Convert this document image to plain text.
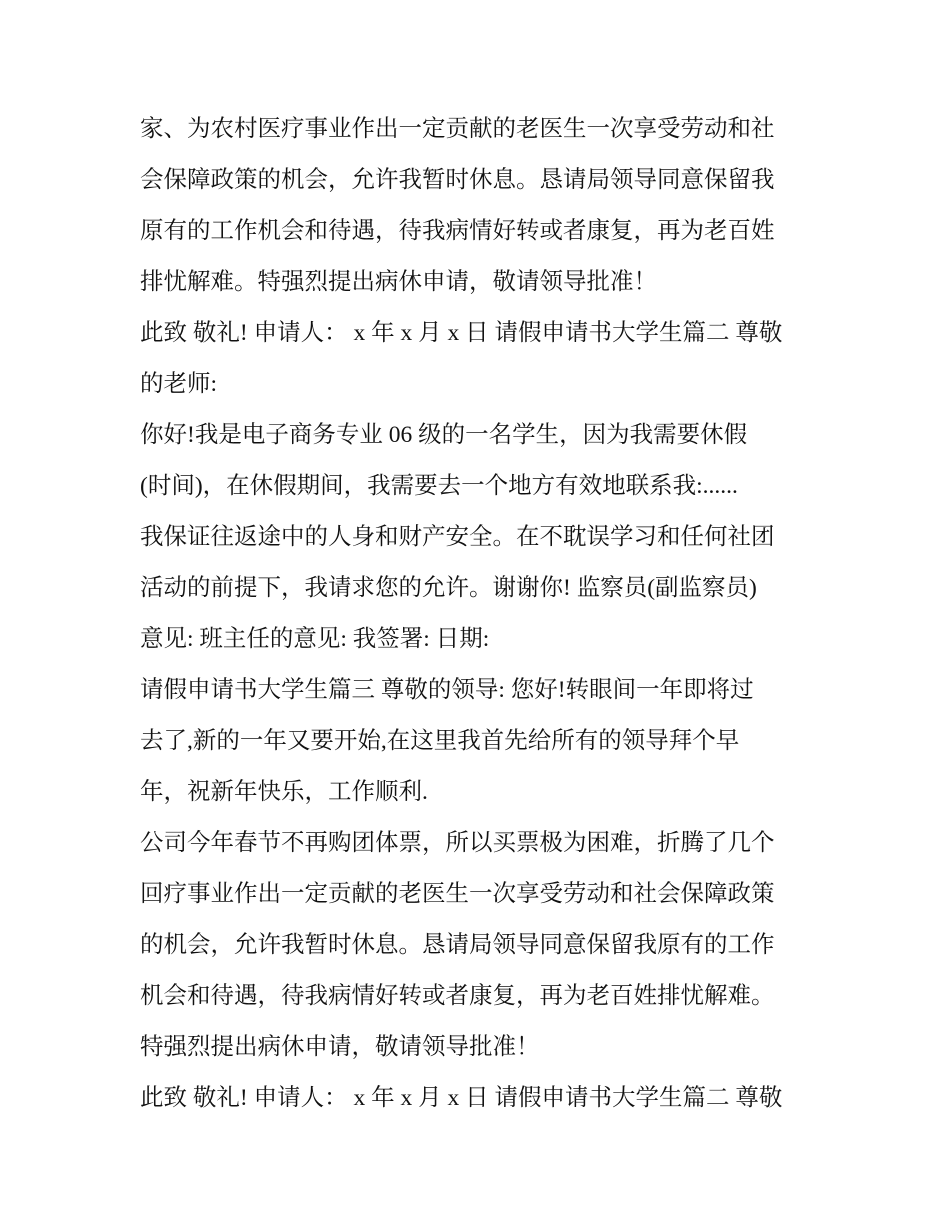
家、为农村医疗事业作出一定贡献的老医生一次享受劳动和社
会保障政策的机会，允许我暂时休息。恳请局领导同意保留我
原有的工作机会和待遇，待我病情好转或者康复，再为老百姓
排忧解难。特强烈提出病休申请，敬请领导批准！
此致 敬礼! 申请人： x 年 x 月 x 日 请假申请书大学生篇二 尊敬
的老师:
你好!我是电子商务专业 06 级的一名学生，因为我需要休假
(时间)，在休假期间，我需要去一个地方有效地联系我:......
我保证往返途中的人身和财产安全。在不耽误学习和任何社团
活动的前提下，我请求您的允许。谢谢你! 监察员(副监察员)
意见: 班主任的意见: 我签署: 日期:
请假申请书大学生篇三 尊敬的领导: 您好!转眼间一年即将过
去了,新的一年又要开始,在这里我首先给所有的领导拜个早
年，祝新年快乐，工作顺利.
公司今年春节不再购团体票，所以买票极为困难，折腾了几个
回疗事业作出一定贡献的老医生一次享受劳动和社会保障政策
的机会，允许我暂时休息。恳请局领导同意保留我原有的工作
机会和待遇，待我病情好转或者康复，再为老百姓排忧解难。
特强烈提出病休申请，敬请领导批准！
此致 敬礼! 申请人： x 年 x 月 x 日 请假申请书大学生篇二 尊敬
